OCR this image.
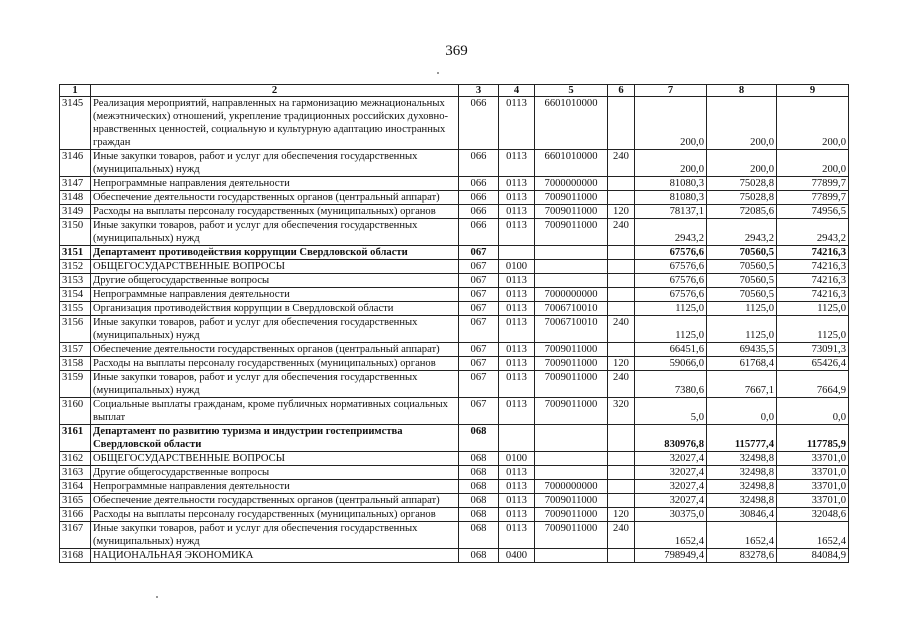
369
1	2	3	4	5	6	7	8	9
3145	Реализация мероприятий, направленных на гармонизацию межнациональных (межэтнических) отношений, укрепление традиционных российских духовно-нравственных ценностей, социальную и культурную адаптацию иностранных граждан	066	0113	6601010000		200,0	200,0	200,0
3146	Иные закупки товаров, работ и услуг для обеспечения государственных (муниципальных) нужд	066	0113	6601010000	240	200,0	200,0	200,0
3147	Непрограммные направления деятельности	066	0113	7000000000		81080,3	75028,8	77899,7
3148	Обеспечение деятельности государственных органов (центральный аппарат)	066	0113	7009011000		81080,3	75028,8	77899,7
3149	Расходы на выплаты персоналу государственных (муниципальных) органов	066	0113	7009011000	120	78137,1	72085,6	74956,5
3150	Иные закупки товаров, работ и услуг для обеспечения государственных (муниципальных) нужд	066	0113	7009011000	240	2943,2	2943,2	2943,2
3151	Департамент противодействия коррупции Свердловской области	067				67576,6	70560,5	74216,3
3152	ОБЩЕГОСУДАРСТВЕННЫЕ ВОПРОСЫ	067	0100			67576,6	70560,5	74216,3
3153	Другие общегосударственные вопросы	067	0113			67576,6	70560,5	74216,3
3154	Непрограммные направления деятельности	067	0113	7000000000		67576,6	70560,5	74216,3
3155	Организация противодействия коррупции в Свердловской области	067	0113	7006710010		1125,0	1125,0	1125,0
3156	Иные закупки товаров, работ и услуг для обеспечения государственных (муниципальных) нужд	067	0113	7006710010	240	1125,0	1125,0	1125,0
3157	Обеспечение деятельности государственных органов (центральный аппарат)	067	0113	7009011000		66451,6	69435,5	73091,3
3158	Расходы на выплаты персоналу государственных (муниципальных) органов	067	0113	7009011000	120	59066,0	61768,4	65426,4
3159	Иные закупки товаров, работ и услуг для обеспечения государственных (муниципальных) нужд	067	0113	7009011000	240	7380,6	7667,1	7664,9
3160	Социальные выплаты гражданам, кроме публичных нормативных социальных выплат	067	0113	7009011000	320	5,0	0,0	0,0
3161	Департамент по развитию туризма и индустрии гостеприимства Свердловской области	068				830976,8	115777,4	117785,9
3162	ОБЩЕГОСУДАРСТВЕННЫЕ ВОПРОСЫ	068	0100			32027,4	32498,8	33701,0
3163	Другие общегосударственные вопросы	068	0113			32027,4	32498,8	33701,0
3164	Непрограммные направления деятельности	068	0113	7000000000		32027,4	32498,8	33701,0
3165	Обеспечение деятельности государственных органов (центральный аппарат)	068	0113	7009011000		32027,4	32498,8	33701,0
3166	Расходы на выплаты персоналу государственных (муниципальных) органов	068	0113	7009011000	120	30375,0	30846,4	32048,6
3167	Иные закупки товаров, работ и услуг для обеспечения государственных (муниципальных) нужд	068	0113	7009011000	240	1652,4	1652,4	1652,4
3168	НАЦИОНАЛЬНАЯ ЭКОНОМИКА	068	0400			798949,4	83278,6	84084,9
